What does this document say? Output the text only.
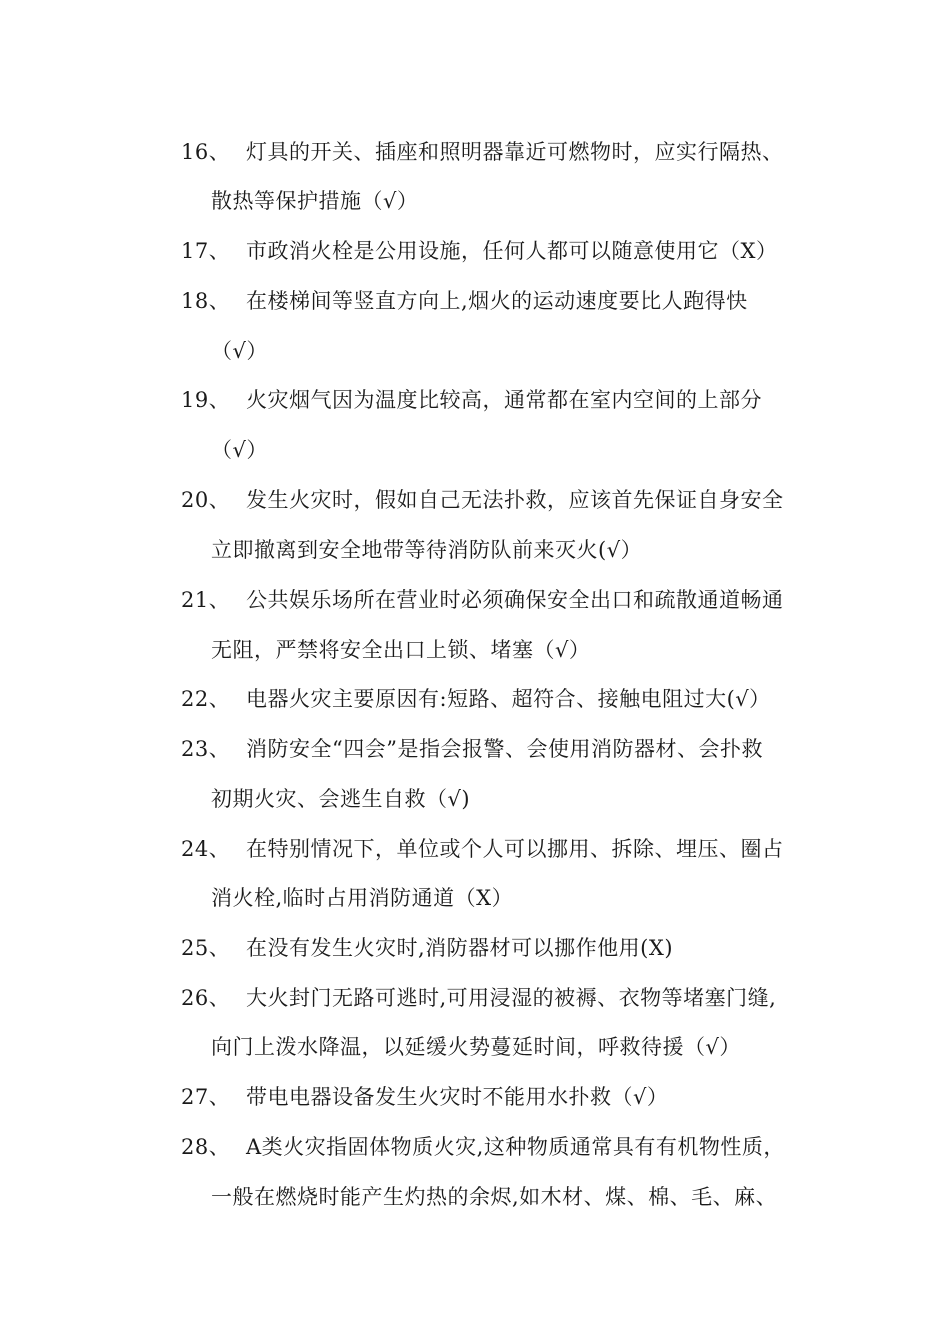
16、 灯具的开关、插座和照明器靠近可燃物时，应实行隔热、
散热等保护措施（√）
17、 市政消火栓是公用设施，任何人都可以随意使用它（X）
18、 在楼梯间等竖直方向上,烟火的运动速度要比人跑得快
（√）
19、 火灾烟气因为温度比较高，通常都在室内空间的上部分
（√）
20、 发生火灾时，假如自己无法扑救，应该首先保证自身安全
立即撤离到安全地带等待消防队前来灭火(√）
21、 公共娱乐场所在营业时必须确保安全出口和疏散通道畅通
无阻，严禁将安全出口上锁、堵塞（√）
22、 电器火灾主要原因有:短路、超符合、接触电阻过大(√）
23、 消防安全“四会”是指会报警、会使用消防器材、会扑救
初期火灾、会逃生自救（√)
24、 在特别情况下，单位或个人可以挪用、拆除、埋压、圈占
消火栓,临时占用消防通道（X）
25、 在没有发生火灾时,消防器材可以挪作他用(X)
26、 大火封门无路可逃时,可用浸湿的被褥、衣物等堵塞门缝,
向门上泼水降温，以延缓火势蔓延时间，呼救待援（√）
27、 带电电器设备发生火灾时不能用水扑救（√）
28、 A类火灾指固体物质火灾,这种物质通常具有有机物性质，
一般在燃烧时能产生灼热的余烬,如木材、煤、棉、毛、麻、
